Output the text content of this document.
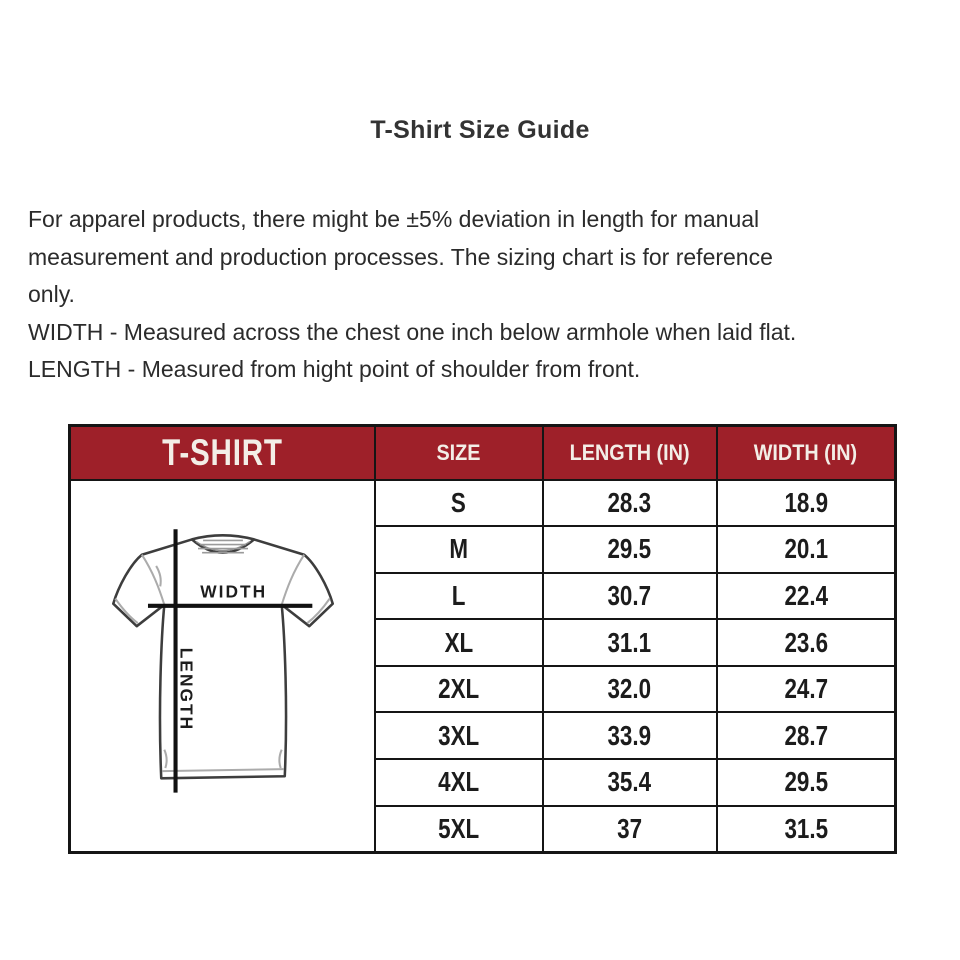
T-Shirt Size Guide
For apparel products, there might be ±5% deviation in length for manual
measurement and production processes. The sizing chart is for reference
only.
WIDTH - Measured across the chest one inch below armhole when laid flat.
LENGTH - Measured from hight point of shoulder from front.
T-SHIRT	SIZE	LENGTH (IN)	WIDTH (IN)

WIDTH
LENGTH	S	28.3	18.9
	M	29.5	20.1
	L	30.7	22.4
	XL	31.1	23.6
	2XL	32.0	24.7
	3XL	33.9	28.7
	4XL	35.4	29.5
	5XL	37	31.5
